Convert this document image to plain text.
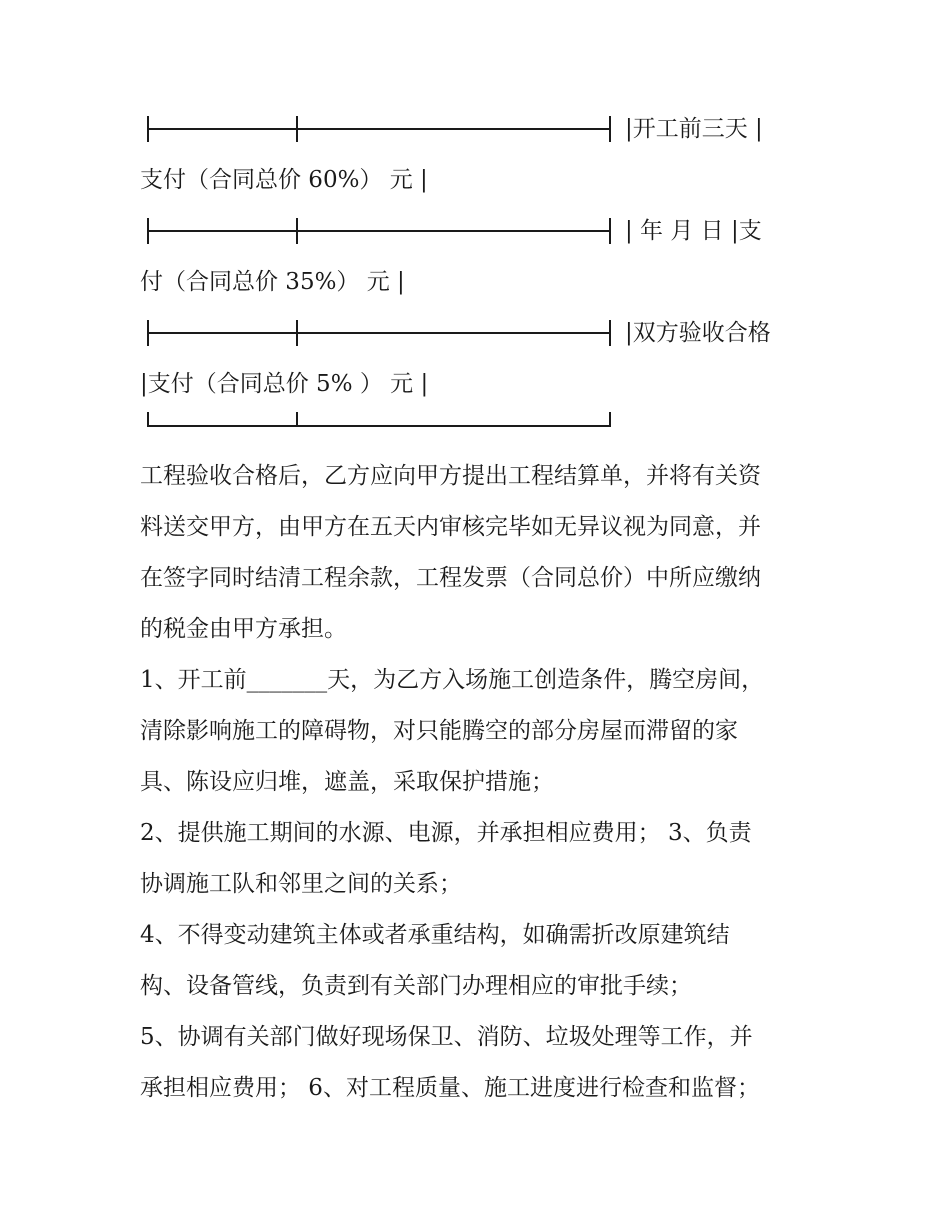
|开工前三天 |
支付（合同总价 60%） 元 |
| 年 月 日 |支
付（合同总价 35%） 元 |
|双方验收合格
|支付（合同总价 5% ） 元 |
工程验收合格后，乙方应向甲方提出工程结算单，并将有关资
料送交甲方，由甲方在五天内审核完毕如无异议视为同意，并
在签字同时结清工程余款，工程发票（合同总价）中所应缴纳
的税金由甲方承担。
1、开工前_______天，为乙方入场施工创造条件，腾空房间，
清除影响施工的障碍物，对只能腾空的部分房屋而滞留的家
具、陈设应归堆，遮盖，采取保护措施；
2、提供施工期间的水源、电源，并承担相应费用； 3、负责
协调施工队和邻里之间的关系；
4、不得变动建筑主体或者承重结构，如确需折改原建筑结
构、设备管线，负责到有关部门办理相应的审批手续；
5、协调有关部门做好现场保卫、消防、垃圾处理等工作，并
承担相应费用； 6、对工程质量、施工进度进行检查和监督；
